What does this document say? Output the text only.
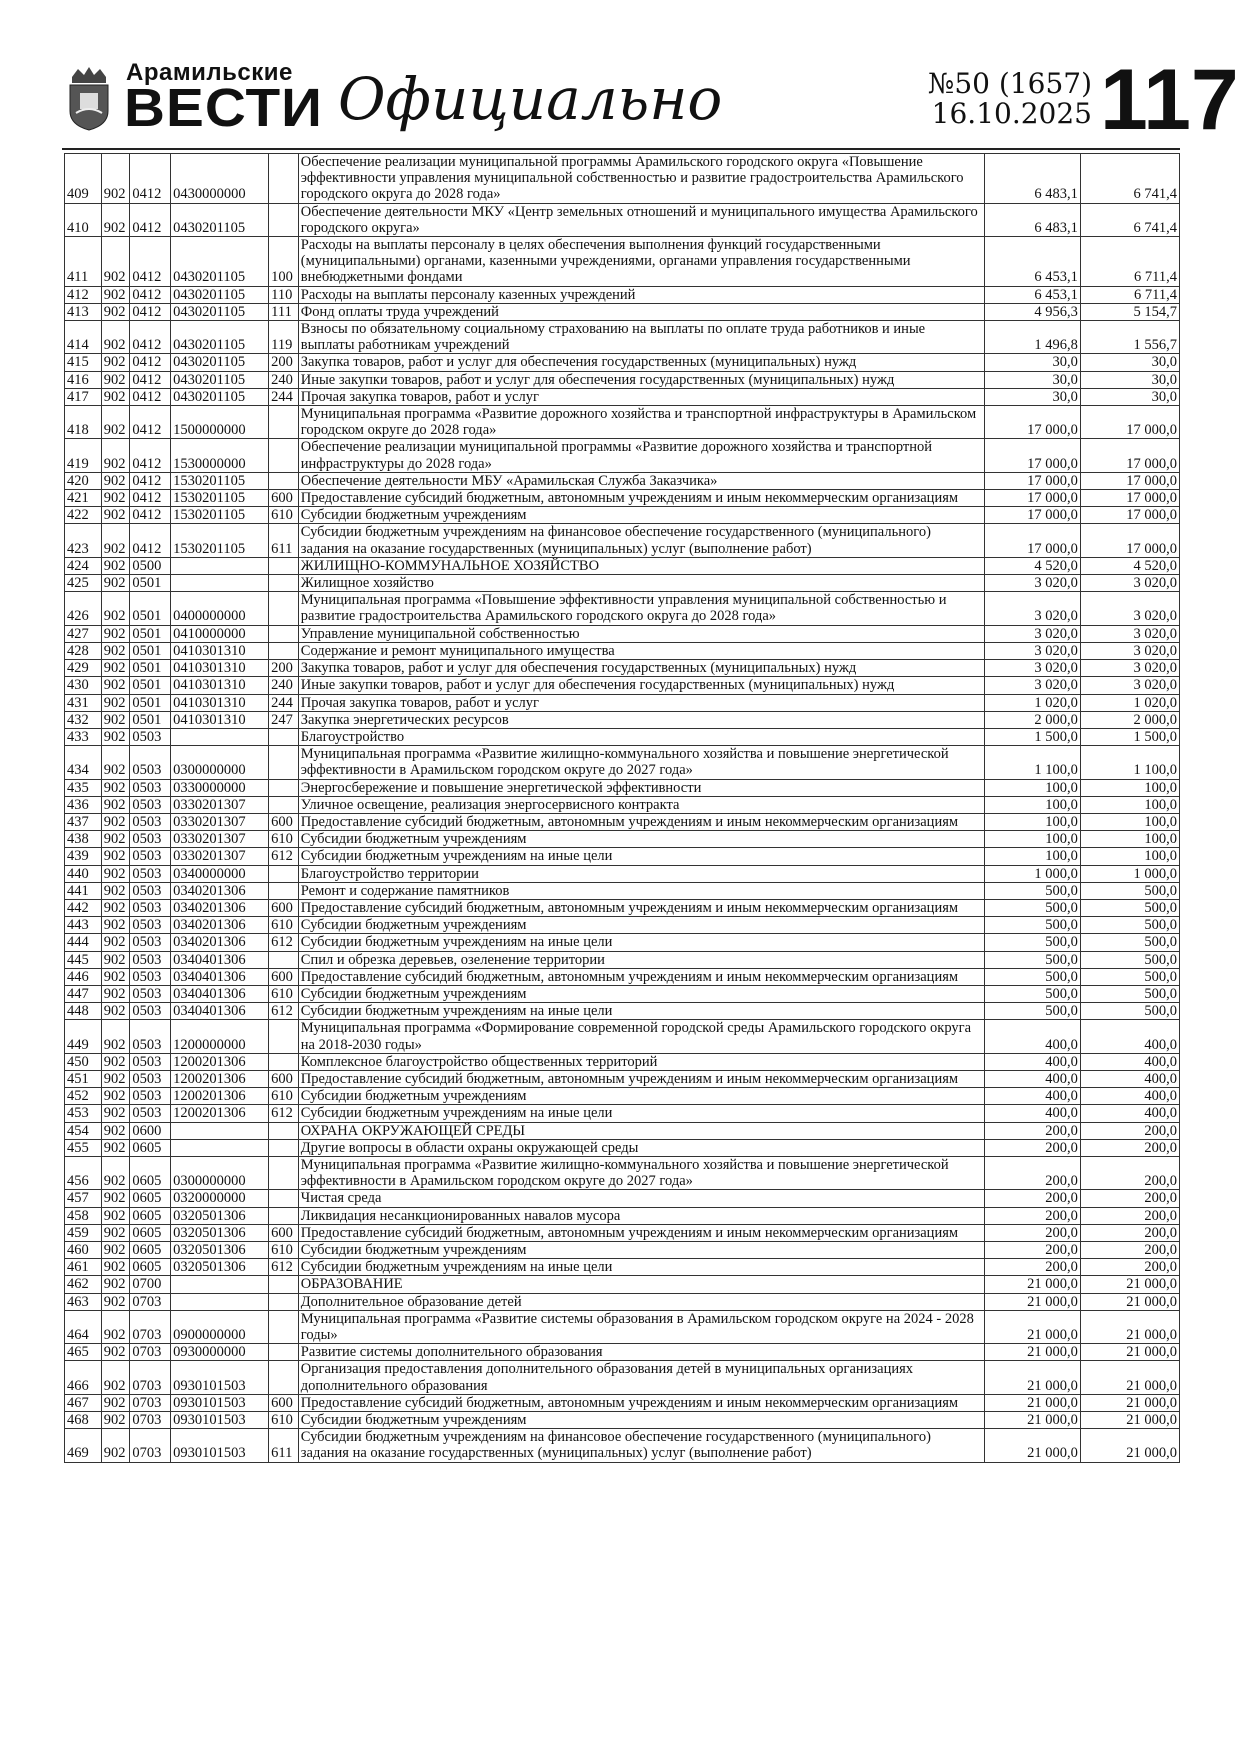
Арамильские
ВЕСТИ Официально	№50 (1657)
16.10.2025 117
409	902	0412	0430000000		Обеспечение реализации муниципальной программы Арамильского городского округа «Повышение эффективности управления муниципальной собственностью и развитие градостроительства Арамильского городского округа до 2028 года»	6 483,1	6 741,4
410	902	0412	0430201105		Обеспечение деятельности МКУ «Центр земельных отношений и муниципального имущества Арамильского городского округа»	6 483,1	6 741,4
411	902	0412	0430201105	100	Расходы на выплаты персоналу в целях обеспечения выполнения функций государственными (муниципальными) органами, казенными учреждениями, органами управления государственными внебюджетными фондами	6 453,1	6 711,4
412	902	0412	0430201105	110	Расходы на выплаты персоналу казенных учреждений	6 453,1	6 711,4
413	902	0412	0430201105	111	Фонд оплаты труда учреждений	4 956,3	5 154,7
414	902	0412	0430201105	119	Взносы по обязательному социальному страхованию на выплаты по оплате труда работников и иные выплаты работникам учреждений	1 496,8	1 556,7
415	902	0412	0430201105	200	Закупка товаров, работ и услуг для обеспечения государственных (муниципальных) нужд	30,0	30,0
416	902	0412	0430201105	240	Иные закупки товаров, работ и услуг для обеспечения государственных (муниципальных) нужд	30,0	30,0
417	902	0412	0430201105	244	Прочая закупка товаров, работ и услуг	30,0	30,0
418	902	0412	1500000000		Муниципальная программа «Развитие дорожного хозяйства и транспортной инфраструктуры в Арамильском городском округе до 2028 года»	17 000,0	17 000,0
419	902	0412	1530000000		Обеспечение реализации муниципальной программы «Развитие дорожного хозяйства и транспортной инфраструктуры до 2028 года»	17 000,0	17 000,0
420	902	0412	1530201105		Обеспечение деятельности МБУ «Арамильская Служба Заказчика»	17 000,0	17 000,0
421	902	0412	1530201105	600	Предоставление субсидий бюджетным, автономным учреждениям и иным некоммерческим организациям	17 000,0	17 000,0
422	902	0412	1530201105	610	Субсидии бюджетным учреждениям	17 000,0	17 000,0
423	902	0412	1530201105	611	Субсидии бюджетным учреждениям на финансовое обеспечение государственного (муниципального) задания на оказание государственных (муниципальных) услуг (выполнение работ)	17 000,0	17 000,0
424	902	0500			ЖИЛИЩНО-КОММУНАЛЬНОЕ ХОЗЯЙСТВО	4 520,0	4 520,0
425	902	0501			Жилищное хозяйство	3 020,0	3 020,0
426	902	0501	0400000000		Муниципальная программа «Повышение эффективности управления муниципальной собственностью и развитие градостроительства Арамильского городского округа до 2028 года»	3 020,0	3 020,0
427	902	0501	0410000000		Управление муниципальной собственностью	3 020,0	3 020,0
428	902	0501	0410301310		Содержание и ремонт муниципального имущества	3 020,0	3 020,0
429	902	0501	0410301310	200	Закупка товаров, работ и услуг для обеспечения государственных (муниципальных) нужд	3 020,0	3 020,0
430	902	0501	0410301310	240	Иные закупки товаров, работ и услуг для обеспечения государственных (муниципальных) нужд	3 020,0	3 020,0
431	902	0501	0410301310	244	Прочая закупка товаров, работ и услуг	1 020,0	1 020,0
432	902	0501	0410301310	247	Закупка энергетических ресурсов	2 000,0	2 000,0
433	902	0503			Благоустройство	1 500,0	1 500,0
434	902	0503	0300000000		Муниципальная программа «Развитие жилищно-коммунального хозяйства и повышение энергетической эффективности в Арамильском городском округе до 2027 года»	1 100,0	1 100,0
435	902	0503	0330000000		Энергосбережение и повышение энергетической эффективности	100,0	100,0
436	902	0503	0330201307		Уличное освещение, реализация энергосервисного контракта	100,0	100,0
437	902	0503	0330201307	600	Предоставление субсидий бюджетным, автономным учреждениям и иным некоммерческим организациям	100,0	100,0
438	902	0503	0330201307	610	Субсидии бюджетным учреждениям	100,0	100,0
439	902	0503	0330201307	612	Субсидии бюджетным учреждениям на иные цели	100,0	100,0
440	902	0503	0340000000		Благоустройство территории	1 000,0	1 000,0
441	902	0503	0340201306		Ремонт и содержание памятников	500,0	500,0
442	902	0503	0340201306	600	Предоставление субсидий бюджетным, автономным учреждениям и иным некоммерческим организациям	500,0	500,0
443	902	0503	0340201306	610	Субсидии бюджетным учреждениям	500,0	500,0
444	902	0503	0340201306	612	Субсидии бюджетным учреждениям на иные цели	500,0	500,0
445	902	0503	0340401306		Спил и обрезка деревьев, озеленение территории	500,0	500,0
446	902	0503	0340401306	600	Предоставление субсидий бюджетным, автономным учреждениям и иным некоммерческим организациям	500,0	500,0
447	902	0503	0340401306	610	Субсидии бюджетным учреждениям	500,0	500,0
448	902	0503	0340401306	612	Субсидии бюджетным учреждениям на иные цели	500,0	500,0
449	902	0503	1200000000		Муниципальная программа «Формирование современной городской среды Арамильского городского округа на 2018-2030 годы»	400,0	400,0
450	902	0503	1200201306		Комплексное благоустройство общественных территорий	400,0	400,0
451	902	0503	1200201306	600	Предоставление субсидий бюджетным, автономным учреждениям и иным некоммерческим организациям	400,0	400,0
452	902	0503	1200201306	610	Субсидии бюджетным учреждениям	400,0	400,0
453	902	0503	1200201306	612	Субсидии бюджетным учреждениям на иные цели	400,0	400,0
454	902	0600			ОХРАНА ОКРУЖАЮЩЕЙ СРЕДЫ	200,0	200,0
455	902	0605			Другие вопросы в области охраны окружающей среды	200,0	200,0
456	902	0605	0300000000		Муниципальная программа «Развитие жилищно-коммунального хозяйства и повышение энергетической эффективности в Арамильском городском округе до 2027 года»	200,0	200,0
457	902	0605	0320000000		Чистая среда	200,0	200,0
458	902	0605	0320501306		Ликвидация несанкционированных навалов мусора	200,0	200,0
459	902	0605	0320501306	600	Предоставление субсидий бюджетным, автономным учреждениям и иным некоммерческим организациям	200,0	200,0
460	902	0605	0320501306	610	Субсидии бюджетным учреждениям	200,0	200,0
461	902	0605	0320501306	612	Субсидии бюджетным учреждениям на иные цели	200,0	200,0
462	902	0700			ОБРАЗОВАНИЕ	21 000,0	21 000,0
463	902	0703			Дополнительное образование детей	21 000,0	21 000,0
464	902	0703	0900000000		Муниципальная программа «Развитие системы образования в Арамильском городском округе на 2024 - 2028 годы»	21 000,0	21 000,0
465	902	0703	0930000000		Развитие системы дополнительного образования	21 000,0	21 000,0
466	902	0703	0930101503		Организация предоставления дополнительного образования детей в муниципальных организациях дополнительного образования	21 000,0	21 000,0
467	902	0703	0930101503	600	Предоставление субсидий бюджетным, автономным учреждениям и иным некоммерческим организациям	21 000,0	21 000,0
468	902	0703	0930101503	610	Субсидии бюджетным учреждениям	21 000,0	21 000,0
469	902	0703	0930101503	611	Субсидии бюджетным учреждениям на финансовое обеспечение государственного (муниципального) задания на оказание государственных (муниципальных) услуг (выполнение работ)	21 000,0	21 000,0
